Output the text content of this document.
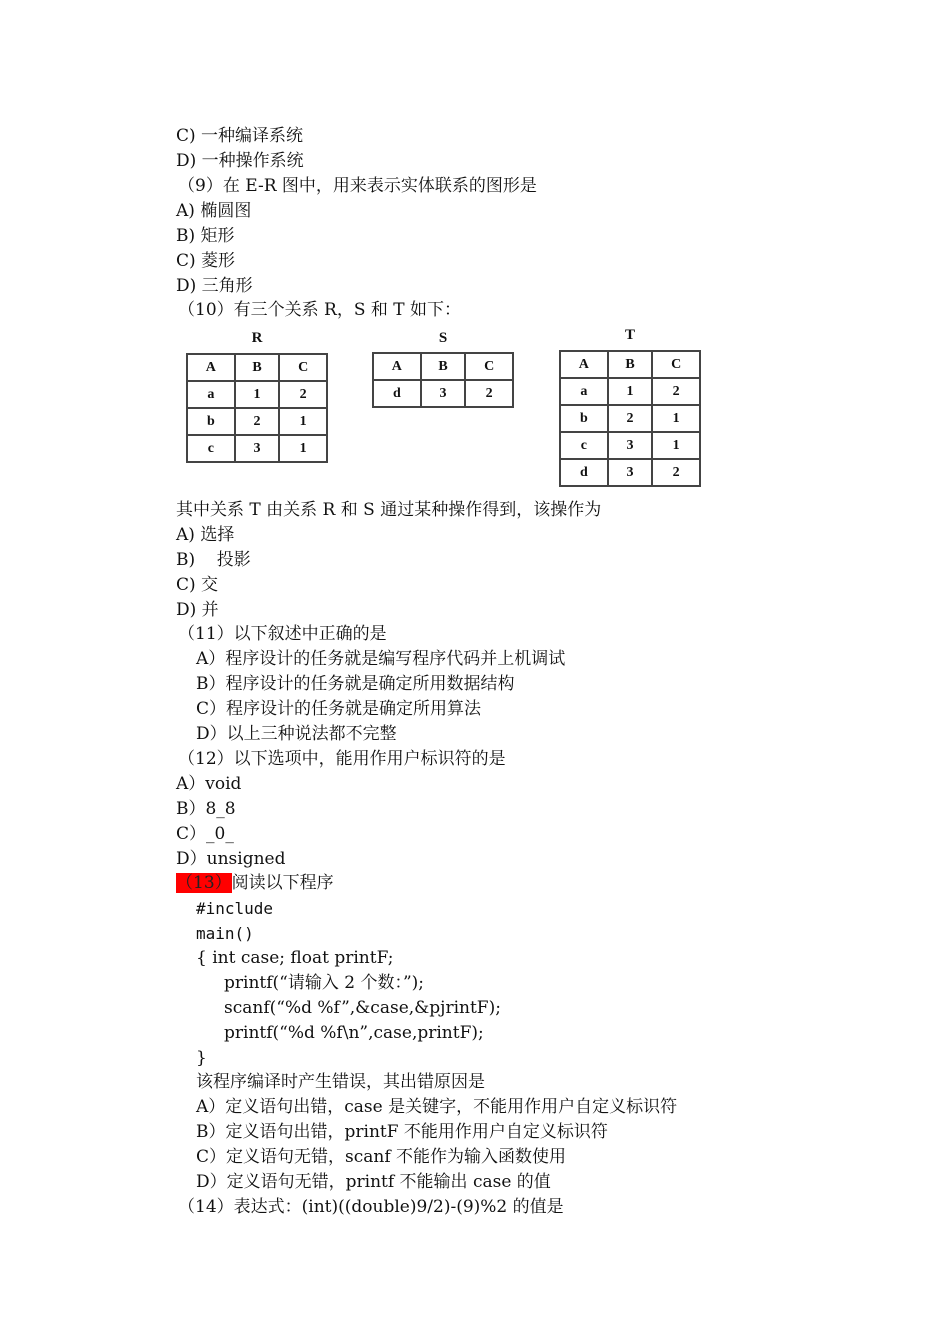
C) 一种编译系统
D) 一种操作系统
（9）在 E-R 图中，用来表示实体联系的图形是
A) 椭圆图
B) 矩形
C) 菱形
D) 三角形
（10）有三个关系 R，S 和 T 如下：
R
A	B	C
a	1	2
b	2	1
c	3	1
S
A	B	C
d	3	2
T
A	B	C
a	1	2
b	2	1
c	3	1
d	3	2
其中关系 T 由关系 R 和 S 通过某种操作得到，该操作为
A) 选择
B)    投影
C) 交
D) 并
（11）以下叙述中正确的是
A）程序设计的任务就是编写程序代码并上机调试
B）程序设计的任务就是确定所用数据结构
C）程序设计的任务就是确定所用算法
D）以上三种说法都不完整
（12）以下选项中，能用作用户标识符的是
A）void
B）8_8
C）_0_
D）unsigned
（13）阅读以下程序
#include
main()
{ int case; float printF;
printf(“请输入 2 个数：”);
scanf(“%d %f”,&case,&pjrintF);
printf(“%d %f\n”,case,printF);
}
该程序编译时产生错误，其出错原因是
A）定义语句出错，case 是关键字，不能用作用户自定义标识符
B）定义语句出错，printF 不能用作用户自定义标识符
C）定义语句无错，scanf 不能作为输入函数使用
D）定义语句无错，printf 不能输出 case 的值
（14）表达式：(int)((double)9/2)-(9)%2 的值是
